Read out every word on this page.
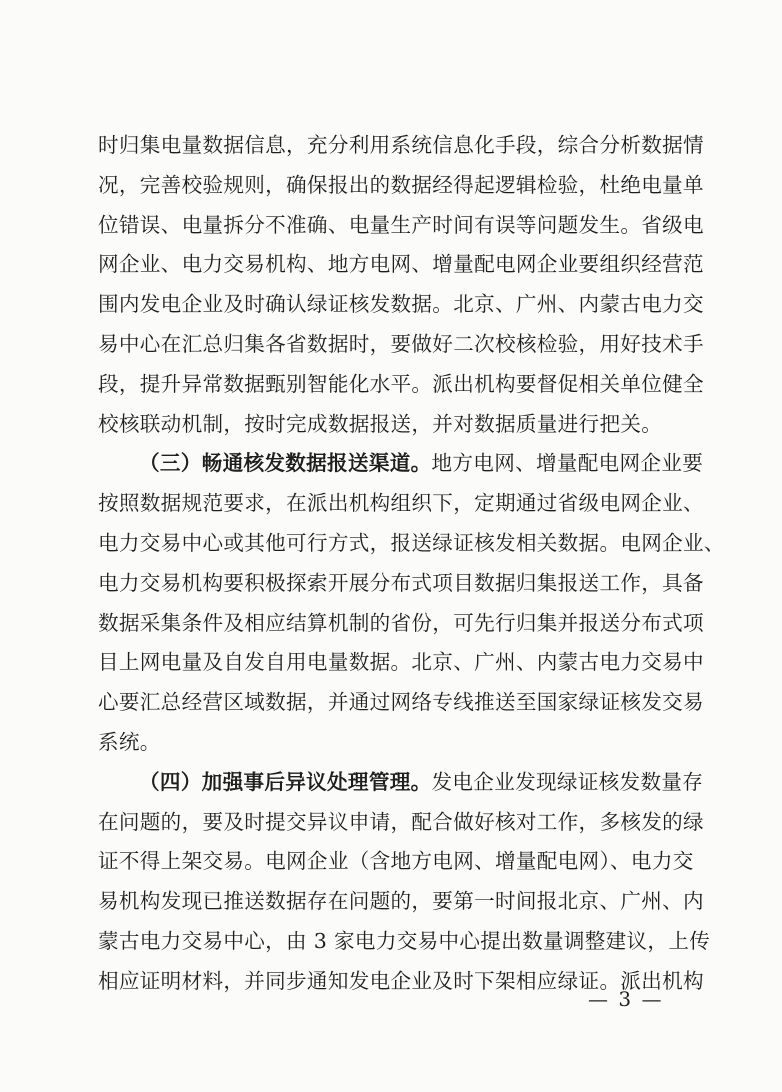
时归集电量数据信息，充分利用系统信息化手段，综合分析数据情
况，完善校验规则，确保报出的数据经得起逻辑检验，杜绝电量单
位错误、电量拆分不准确、电量生产时间有误等问题发生。省级电
网企业、电力交易机构、地方电网、增量配电网企业要组织经营范
围内发电企业及时确认绿证核发数据。北京、广州、内蒙古电力交
易中心在汇总归集各省数据时，要做好二次校核检验，用好技术手
段，提升异常数据甄别智能化水平。派出机构要督促相关单位健全
校核联动机制，按时完成数据报送，并对数据质量进行把关。
（三）畅通核发数据报送渠道。地方电网、增量配电网企业要
按照数据规范要求，在派出机构组织下，定期通过省级电网企业、
电力交易中心或其他可行方式，报送绿证核发相关数据。电网企业、
电力交易机构要积极探索开展分布式项目数据归集报送工作，具备
数据采集条件及相应结算机制的省份，可先行归集并报送分布式项
目上网电量及自发自用电量数据。北京、广州、内蒙古电力交易中
心要汇总经营区域数据，并通过网络专线推送至国家绿证核发交易
系统。
（四）加强事后异议处理管理。发电企业发现绿证核发数量存
在问题的，要及时提交异议申请，配合做好核对工作，多核发的绿
证不得上架交易。电网企业（含地方电网、增量配电网）、电力交
易机构发现已推送数据存在问题的，要第一时间报北京、广州、内
蒙古电力交易中心，由 3 家电力交易中心提出数量调整建议，上传
相应证明材料，并同步通知发电企业及时下架相应绿证。派出机构
— 3 —
